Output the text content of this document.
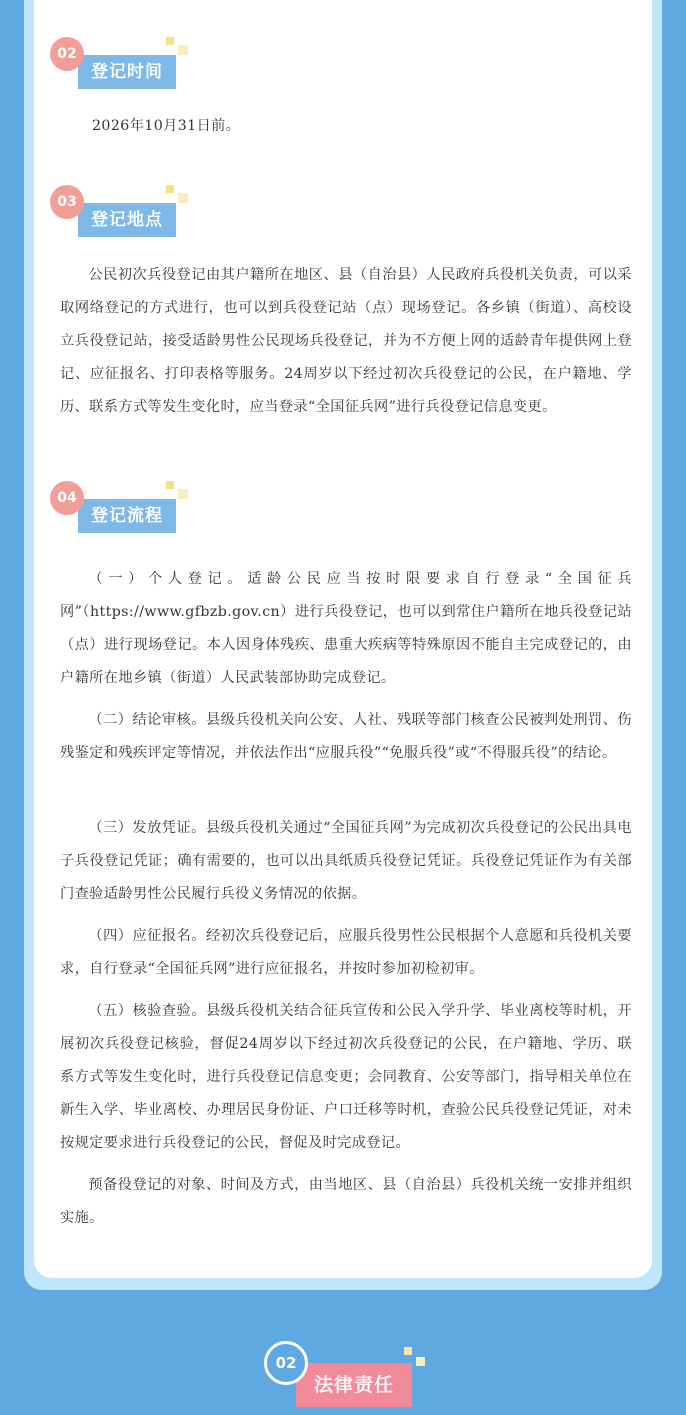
登记时间
02

2026年10月31日前。

登记地点
03

公民初次兵役登记由其户籍所在地区、县（自治县）人民政府兵役机关负责，可以采取网络登记的方式进行，也可以到兵役登记站（点）现场登记。各乡镇（街道）、高校设立兵役登记站，接受适龄男性公民现场兵役登记，并为不方便上网的适龄青年提供网上登记、应征报名、打印表格等服务。24周岁以下经过初次兵役登记的公民，在户籍地、学历、联系方式等发生变化时，应当登录“全国征兵网”进行兵役登记信息变更。

登记流程
04

（一）个人登记。适龄公民应当按时限要求自行登录“全国征兵网”（https://www.gfbzb.gov.cn）进行兵役登记，也可以到常住户籍所在地兵役登记站（点）进行现场登记。本人因身体残疾、患重大疾病等特殊原因不能自主完成登记的，由户籍所在地乡镇（街道）人民武装部协助完成登记。

（二）结论审核。县级兵役机关向公安、人社、残联等部门核查公民被判处刑罚、伤残鉴定和残疾评定等情况，并依法作出“应服兵役”“免服兵役”或“不得服兵役”的结论。

（三）发放凭证。县级兵役机关通过“全国征兵网”为完成初次兵役登记的公民出具电子兵役登记凭证；确有需要的，也可以出具纸质兵役登记凭证。兵役登记凭证作为有关部门查验适龄男性公民履行兵役义务情况的依据。

（四）应征报名。经初次兵役登记后，应服兵役男性公民根据个人意愿和兵役机关要求，自行登录“全国征兵网”进行应征报名，并按时参加初检初审。

（五）核验查验。县级兵役机关结合征兵宣传和公民入学升学、毕业离校等时机，开展初次兵役登记核验，督促24周岁以下经过初次兵役登记的公民，在户籍地、学历、联系方式等发生变化时，进行兵役登记信息变更；会同教育、公安等部门，指导相关单位在新生入学、毕业离校、办理居民身份证、户口迁移等时机，查验公民兵役登记凭证，对未按规定要求进行兵役登记的公民，督促及时完成登记。

预备役登记的对象、时间及方式，由当地区、县（自治县）兵役机关统一安排并组织实施。

法律责任
02
